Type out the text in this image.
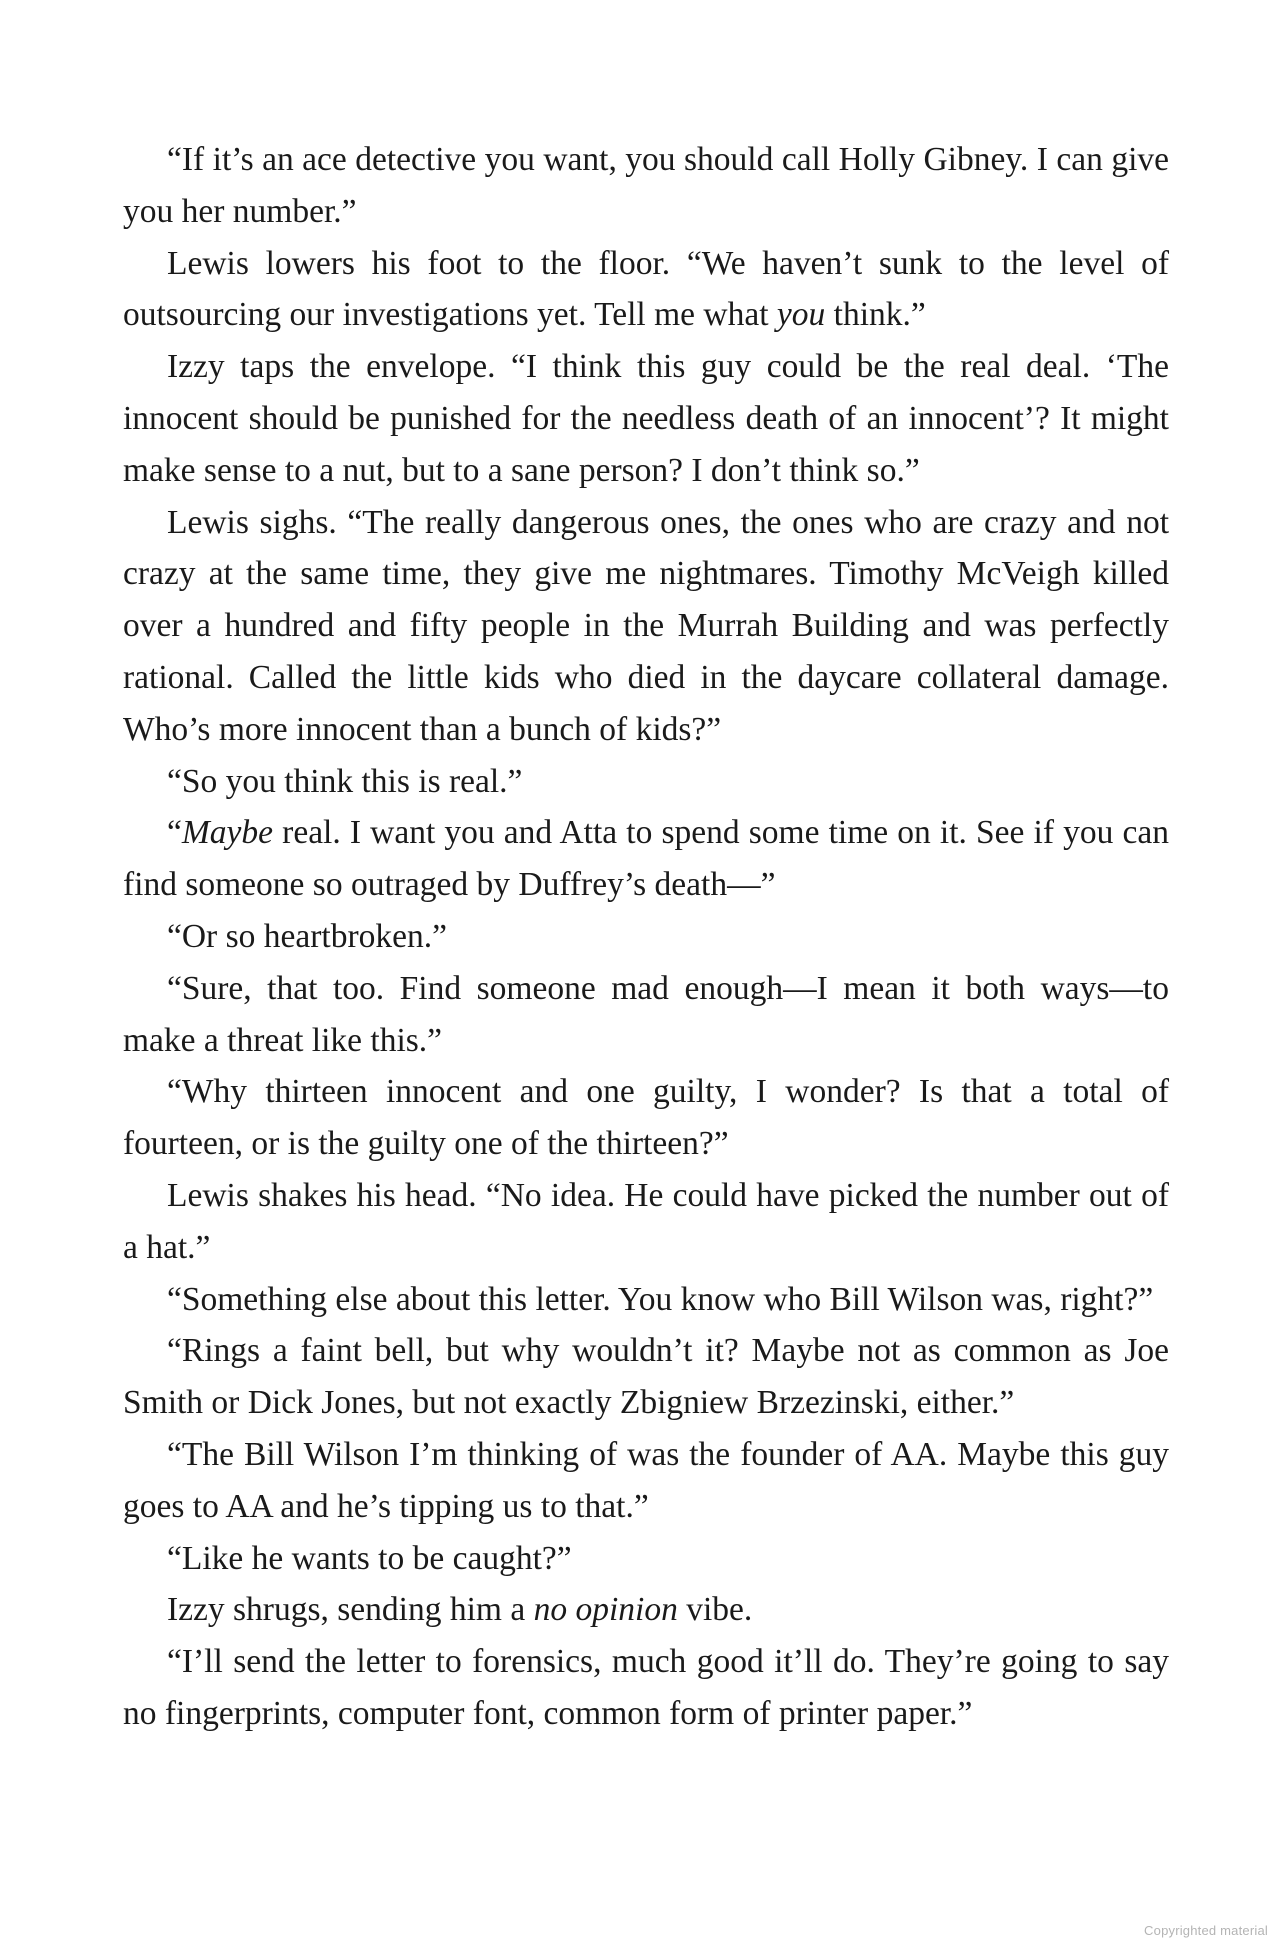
“If it’s an ace detective you want, you should call Holly Gibney. I can give you her number.”

Lewis lowers his foot to the floor. “We haven’t sunk to the level of outsourcing our investigations yet. Tell me what you think.”

Izzy taps the envelope. “I think this guy could be the real deal. ‘The innocent should be punished for the needless death of an innocent’? It might make sense to a nut, but to a sane person? I don’t think so.”

Lewis sighs. “The really dangerous ones, the ones who are crazy and not crazy at the same time, they give me nightmares. Timothy McVeigh killed over a hundred and fifty people in the Murrah Building and was perfectly rational. Called the little kids who died in the daycare collateral damage. Who’s more innocent than a bunch of kids?”

“So you think this is real.”

“Maybe real. I want you and Atta to spend some time on it. See if you can find someone so outraged by Duffrey’s death—”

“Or so heartbroken.”

“Sure, that too. Find someone mad enough—I mean it both ways—to make a threat like this.”

“Why thirteen innocent and one guilty, I wonder? Is that a total of fourteen, or is the guilty one of the thirteen?”

Lewis shakes his head. “No idea. He could have picked the number out of a hat.”

“Something else about this letter. You know who Bill Wilson was, right?”

“Rings a faint bell, but why wouldn’t it? Maybe not as common as Joe Smith or Dick Jones, but not exactly Zbigniew Brzezinski, either.”

“The Bill Wilson I’m thinking of was the founder of AA. Maybe this guy goes to AA and he’s tipping us to that.”

“Like he wants to be caught?”

Izzy shrugs, sending him a no opinion vibe.

“I’ll send the letter to forensics, much good it’ll do. They’re going to say no fingerprints, computer font, common form of printer paper.”

Copyrighted material
